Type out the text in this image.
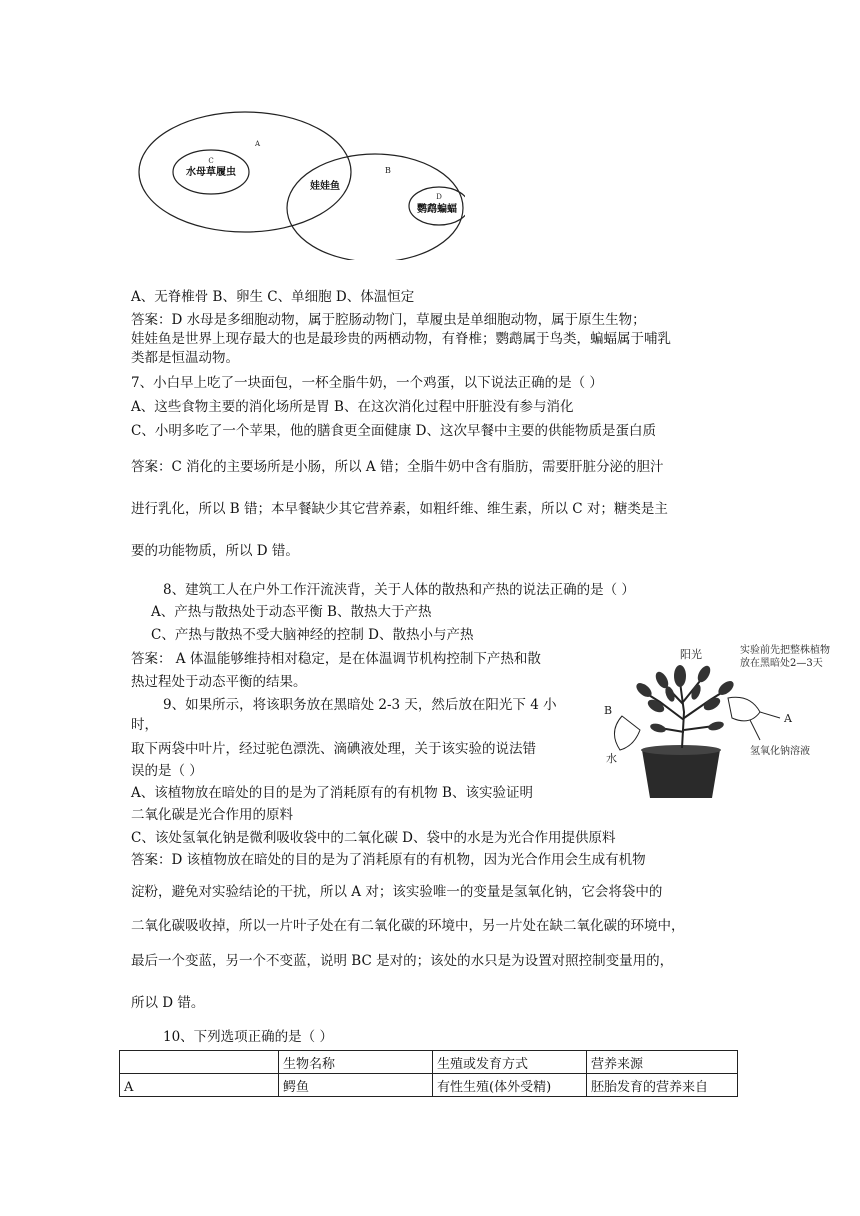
A
B
C
D
水母草履虫
娃娃鱼
鹦鹉蝙蝠
A、无脊椎骨 B、卵生 C、单细胞 D、体温恒定
答案：D 水母是多细胞动物，属于腔肠动物门，草履虫是单细胞动物，属于原生生物；
娃娃鱼是世界上现存最大的也是最珍贵的两栖动物，有脊椎；鹦鹉属于鸟类，蝙蝠属于哺乳
类都是恒温动物。
7、小白早上吃了一块面包，一杯全脂牛奶，一个鸡蛋，以下说法正确的是（ ）
A、这些食物主要的消化场所是胃 B、在这次消化过程中肝脏没有参与消化
C、小明多吃了一个苹果，他的膳食更全面健康 D、这次早餐中主要的供能物质是蛋白质
答案：C 消化的主要场所是小肠，所以 A 错；全脂牛奶中含有脂肪，需要肝脏分泌的胆汁
进行乳化，所以 B 错；本早餐缺少其它营养素，如粗纤维、维生素，所以 C 对；糖类是主
要的功能物质，所以 D 错。
8、建筑工人在户外工作汗流浃背，关于人体的散热和产热的说法正确的是（ ）
A、产热与散热处于动态平衡 B、散热大于产热
C、产热与散热不受大脑神经的控制 D、散热小与产热
答案： A 体温能够维持相对稳定，是在体温调节机构控制下产热和散
热过程处于动态平衡的结果。
9、如果所示，将该职务放在黑暗处 2-3 天，然后放在阳光下 4 小
时，
取下两袋中叶片，经过驼色漂洗、滴碘液处理，关于该实验的说法错
误的是（ ）
A、该植物放在暗处的目的是为了消耗原有的有机物 B、该实验证明
二氧化碳是光合作用的原料
C、该处氢氧化钠是微利吸收袋中的二氧化碳 D、袋中的水是为光合作用提供原料
答案：D 该植物放在暗处的目的是为了消耗原有的有机物，因为光合作用会生成有机物
淀粉，避免对实验结论的干扰，所以 A 对；该实验唯一的变量是氢氧化钠，它会将袋中的
二氧化碳吸收掉，所以一片叶子处在有二氧化碳的环境中，另一片处在缺二氧化碳的环境中，
最后一个变蓝，另一个不变蓝，说明 BC 是对的；该处的水只是为设置对照控制变量用的，
所以 D 错。
阳光	实验前先把整株植物
放在黑暗处2—3天
A
B
水
氢氧化钠溶液
10、下列选项正确的是（ ）
	生物名称	生殖或发育方式	营养来源
A	鳄鱼	有性生殖(体外受精)	胚胎发育的营养来自
